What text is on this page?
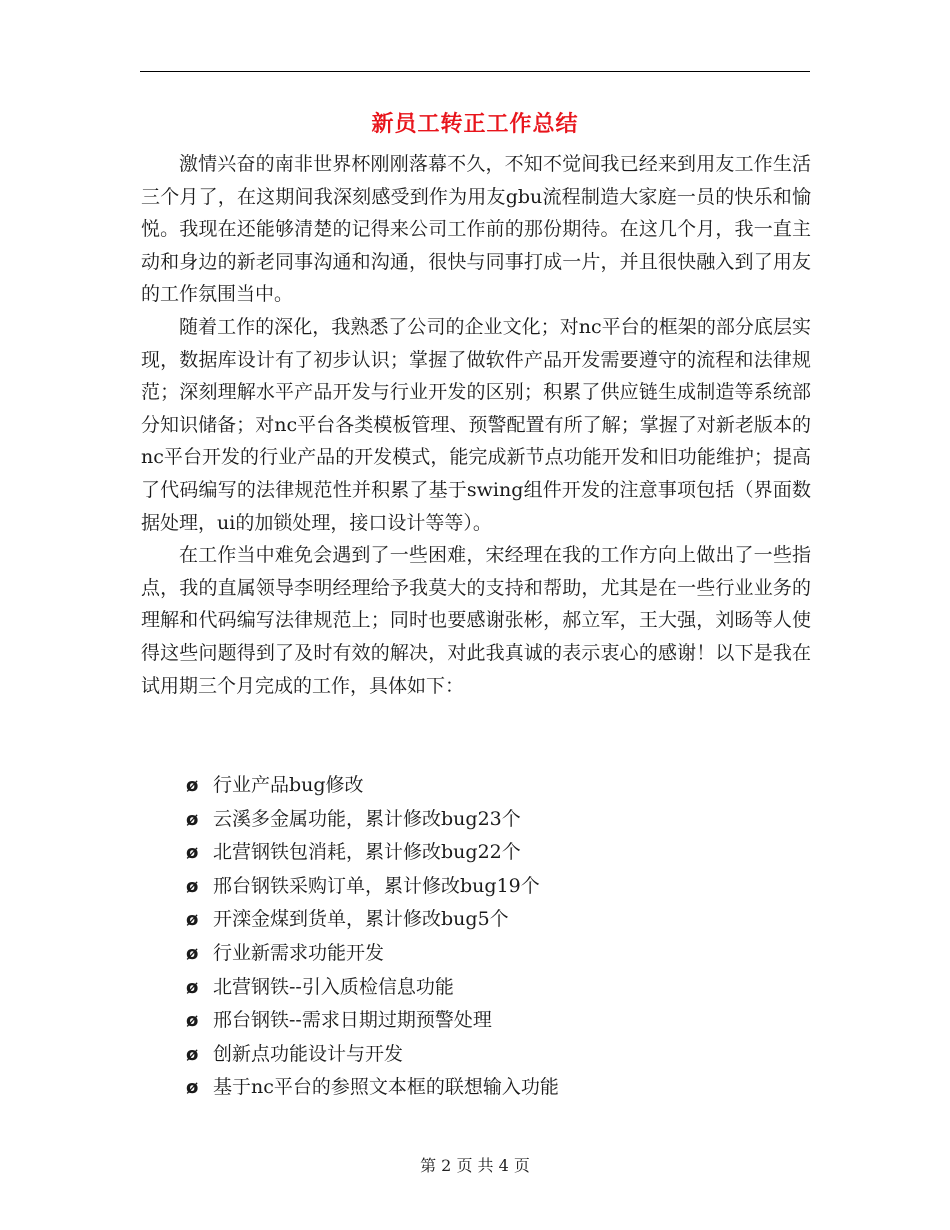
新员工转正工作总结

激情兴奋的南非世界杯刚刚落幕不久，不知不觉间我已经来到用友工作生活三个月了，在这期间我深刻感受到作为用友gbu流程制造大家庭一员的快乐和愉悦。我现在还能够清楚的记得来公司工作前的那份期待。在这几个月，我一直主动和身边的新老同事沟通和沟通，很快与同事打成一片，并且很快融入到了用友的工作氛围当中。

随着工作的深化，我熟悉了公司的企业文化；对nc平台的框架的部分底层实现，数据库设计有了初步认识；掌握了做软件产品开发需要遵守的流程和法律规范；深刻理解水平产品开发与行业开发的区别；积累了供应链生成制造等系统部分知识储备；对nc平台各类模板管理、预警配置有所了解；掌握了对新老版本的nc平台开发的行业产品的开发模式，能完成新节点功能开发和旧功能维护；提高了代码编写的法律规范性并积累了基于swing组件开发的注意事项包括（界面数据处理，ui的加锁处理，接口设计等等）。

在工作当中难免会遇到了一些困难，宋经理在我的工作方向上做出了一些指点，我的直属领导李明经理给予我莫大的支持和帮助，尤其是在一些行业业务的理解和代码编写法律规范上；同时也要感谢张彬，郝立军，王大强，刘旸等人使得这些问题得到了及时有效的解决，对此我真诚的表示衷心的感谢！以下是我在试用期三个月完成的工作，具体如下：

ø 行业产品bug修改
ø 云溪多金属功能，累计修改bug23个
ø 北营钢铁包消耗，累计修改bug22个
ø 邢台钢铁采购订单，累计修改bug19个
ø 开滦金煤到货单，累计修改bug5个
ø 行业新需求功能开发
ø 北营钢铁--引入质检信息功能
ø 邢台钢铁--需求日期过期预警处理
ø 创新点功能设计与开发
ø 基于nc平台的参照文本框的联想输入功能
第 2 页 共 4 页
